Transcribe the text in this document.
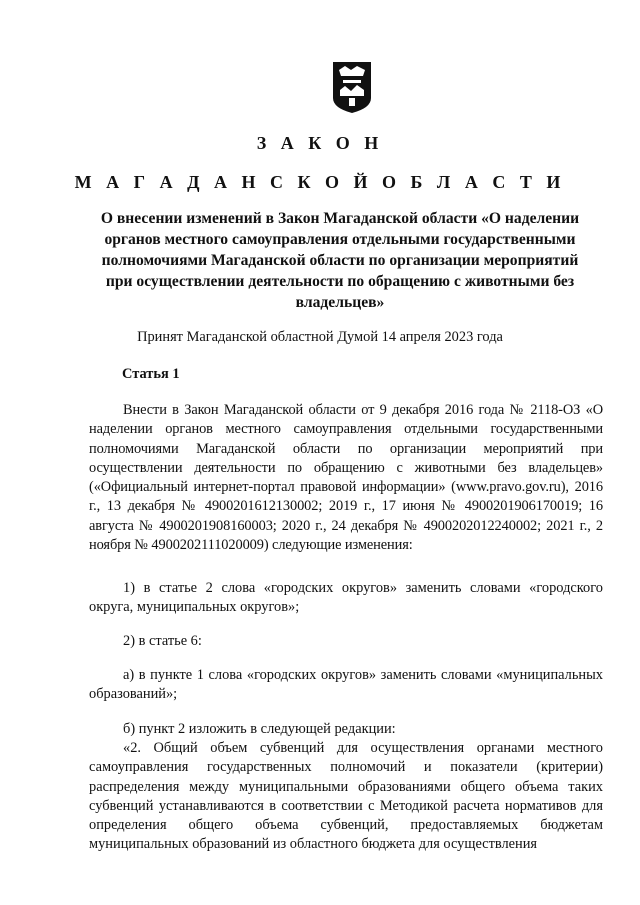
З А К О Н
М А Г А Д А Н С К О Й О Б Л А С Т И
О внесении изменений в Закон Магаданской области «О наделении органов местного самоуправления отдельными государственными полномочиями Магаданской области по организации мероприятий при осуществлении деятельности по обращению с животными без владельцев»
Принят Магаданской областной Думой 14 апреля 2023 года
Статья 1
Внести в Закон Магаданской области от 9 декабря 2016 года № 2118-ОЗ «О наделении органов местного самоуправления отдельными государственными полномочиями Магаданской области по организации мероприятий при осуществлении деятельности по обращению с животными без владельцев» («Официальный интернет-портал правовой информации» (www.pravo.gov.ru), 2016 г., 13 декабря № 4900201612130002; 2019 г., 17 июня № 4900201906170019; 16 августа № 4900201908160003; 2020 г., 24 декабря № 4900202012240002; 2021 г., 2 ноября № 4900202111020009) следующие изменения:
1) в статье 2 слова «городских округов» заменить словами «городского округа, муниципальных округов»;
2) в статье 6:
а) в пункте 1 слова «городских округов» заменить словами «муниципальных образований»;
б) пункт 2 изложить в следующей редакции:
«2. Общий объем субвенций для осуществления органами местного самоуправления государственных полномочий и показатели (критерии) распределения между муниципальными образованиями общего объема таких субвенций устанавливаются в соответствии с Методикой расчета нормативов для определения общего объема субвенций, предоставляемых бюджетам муниципальных образований из областного бюджета для осуществления
